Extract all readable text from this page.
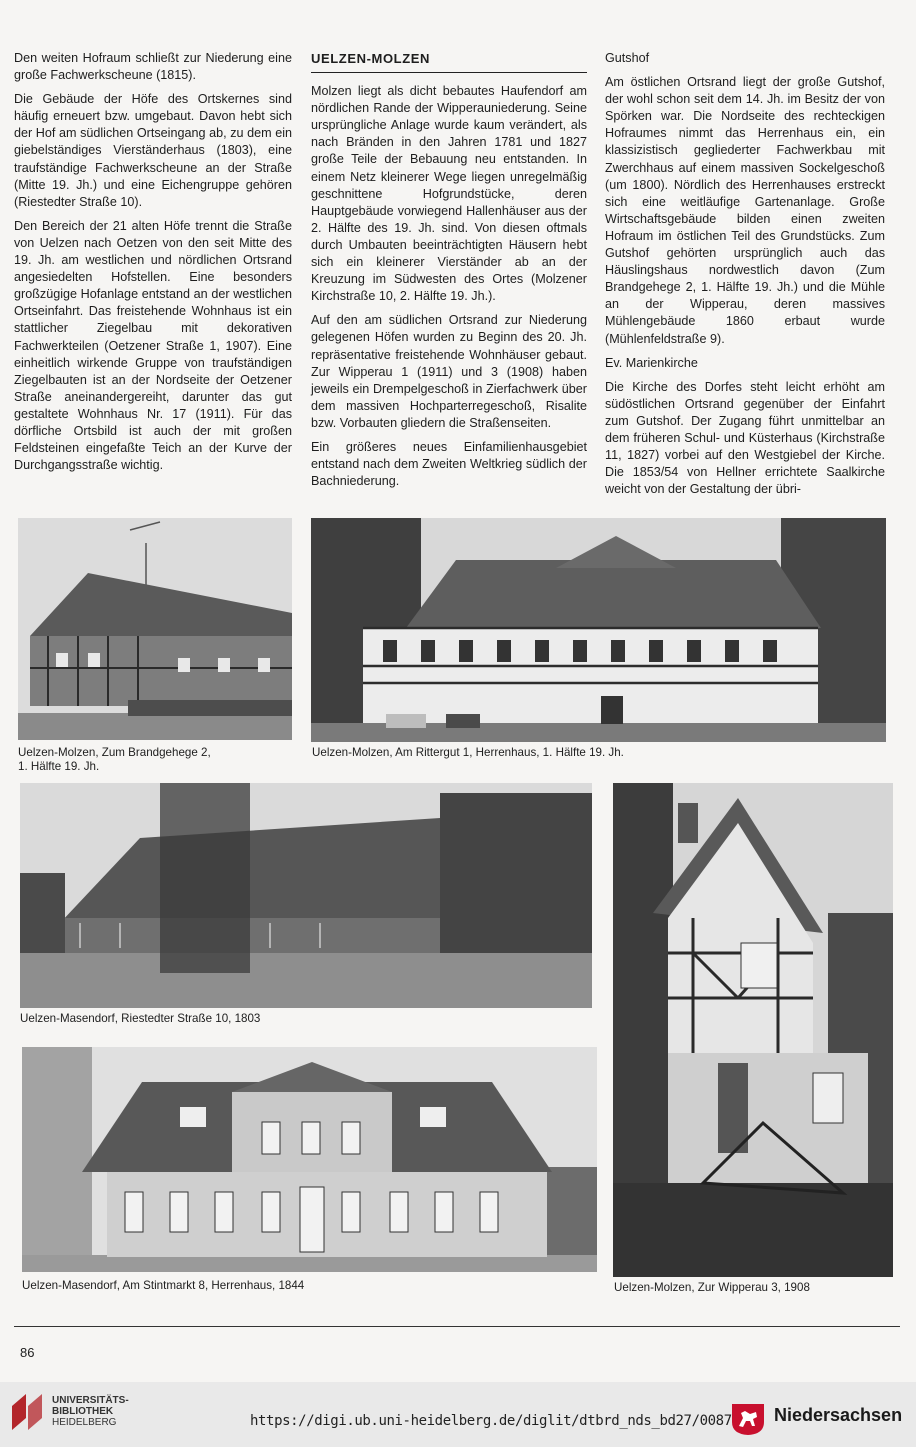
Den weiten Hofraum schließt zur Niederung eine große Fachwerkscheune (1815).

Die Gebäude der Höfe des Ortskernes sind häufig erneuert bzw. umgebaut. Davon hebt sich der Hof am südlichen Ortseingang ab, zu dem ein giebelständiges Vierständerhaus (1803), eine traufständige Fachwerkscheune an der Straße (Mitte 19. Jh.) und eine Eichengruppe gehören (Riestedter Straße 10).

Den Bereich der 21 alten Höfe trennt die Straße von Uelzen nach Oetzen von den seit Mitte des 19. Jh. am westlichen und nördlichen Ortsrand angesiedelten Hofstellen. Eine besonders großzügige Hofanlage entstand an der westlichen Ortseinfahrt. Das freistehende Wohnhaus ist ein stattlicher Ziegelbau mit dekorativen Fachwerkteilen (Oetzener Straße 1, 1907). Eine einheitlich wirkende Gruppe von traufständigen Ziegelbauten ist an der Nordseite der Oetzener Straße aneinandergereiht, darunter das gut gestaltete Wohnhaus Nr. 17 (1911). Für das dörfliche Ortsbild ist auch der mit großen Feldsteinen eingefaßte Teich an der Kurve der Durchgangsstraße wichtig.

UELZEN-MOLZEN

Molzen liegt als dicht bebautes Haufendorf am nördlichen Rande der Wipperauniederung. Seine ursprüngliche Anlage wurde kaum verändert, als nach Bränden in den Jahren 1781 und 1827 große Teile der Bebauung neu entstanden. In einem Netz kleinerer Wege liegen unregelmäßig geschnittene Hofgrundstücke, deren Hauptgebäude vorwiegend Hallenhäuser aus der 2. Hälfte des 19. Jh. sind. Von diesen oftmals durch Umbauten beeinträchtigten Häusern hebt sich ein kleinerer Vierständer ab an der Kreuzung im Südwesten des Ortes (Molzener Kirchstraße 10, 2. Hälfte 19. Jh.).

Auf den am südlichen Ortsrand zur Niederung gelegenen Höfen wurden zu Beginn des 20. Jh. repräsentative freistehende Wohnhäuser gebaut. Zur Wipperau 1 (1911) und 3 (1908) haben jeweils ein Drempelgeschoß in Zierfachwerk über dem massiven Hochparterregeschoß, Risalite bzw. Vorbauten gliedern die Straßenseiten.

Ein größeres neues Einfamilienhausgebiet entstand nach dem Zweiten Weltkrieg südlich der Bachniederung.

Gutshof

Am östlichen Ortsrand liegt der große Gutshof, der wohl schon seit dem 14. Jh. im Besitz der von Spörken war. Die Nordseite des rechteckigen Hofraumes nimmt das Herrenhaus ein, ein klassizistisch gegliederter Fachwerkbau mit Zwerchhaus auf einem massiven Sockelgeschoß (um 1800). Nördlich des Herrenhauses erstreckt sich eine weitläufige Gartenanlage. Große Wirtschaftsgebäude bilden einen zweiten Hofraum im östlichen Teil des Grundstücks. Zum Gutshof gehörten ursprünglich auch das Häuslingshaus nordwestlich davon (Zum Brandgehege 2, 1. Hälfte 19. Jh.) und die Mühle an der Wipperau, deren massives Mühlengebäude 1860 erbaut wurde (Mühlenfeldstraße 9).

Ev. Marienkirche

Die Kirche des Dorfes steht leicht erhöht am südöstlichen Ortsrand gegenüber der Einfahrt zum Gutshof. Der Zugang führt unmittelbar an dem früheren Schul- und Küsterhaus (Kirchstraße 11, 1827) vorbei auf den Westgiebel der Kirche. Die 1853/54 von Hellner errichtete Saalkirche weicht von der Gestaltung der übri-

Uelzen-Molzen, Zum Brandgehege 2,
1. Hälfte 19. Jh.
Uelzen-Molzen, Am Rittergut 1, Herrenhaus, 1. Hälfte 19. Jh.
Uelzen-Masendorf, Riestedter Straße 10, 1803
Uelzen-Masendorf, Am Stintmarkt 8, Herrenhaus, 1844	Uelzen-Molzen, Zur Wipperau 3, 1908
86
UNIVERSITÄTS-
BIBLIOTHEK
HEIDELBERG	https://digi.ub.uni-heidelberg.de/diglit/dtbrd_nds_bd27/0087 Niedersachsen
